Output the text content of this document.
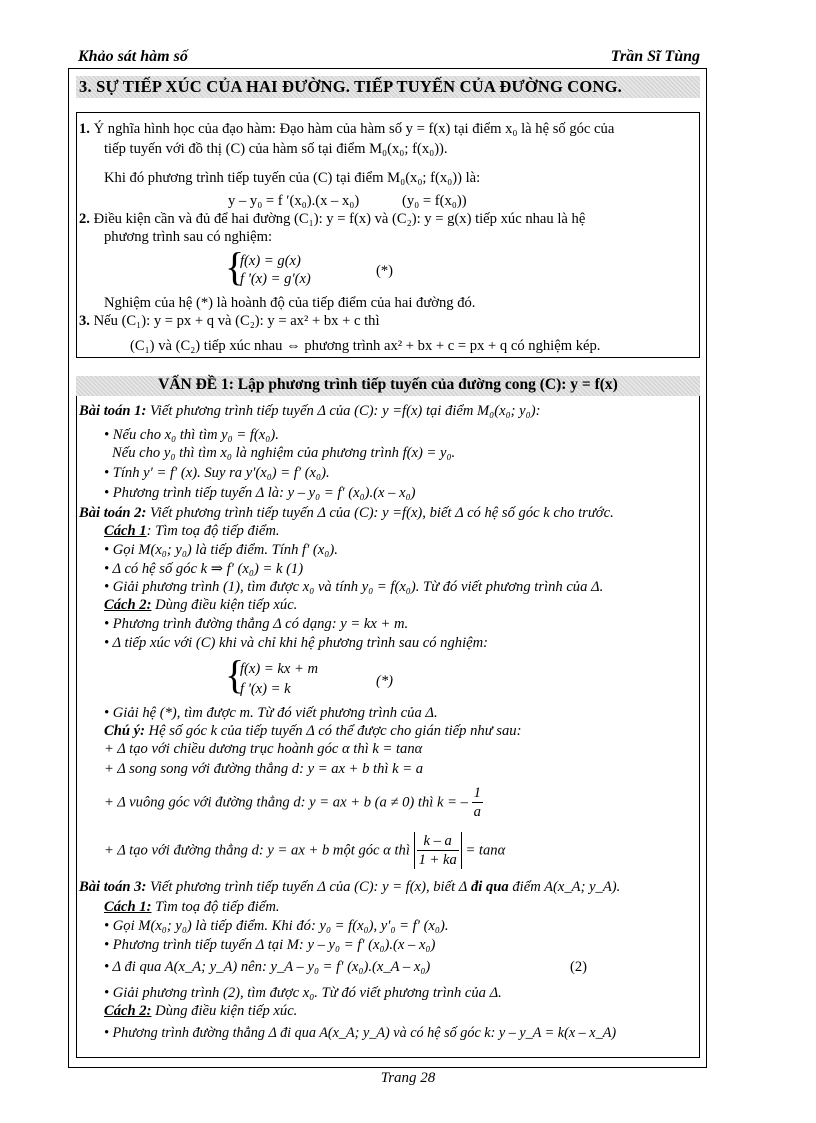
Khảo sát hàm số	Trần Sĩ Tùng
3. SỰ TIẾP XÚC CỦA HAI ĐƯỜNG. TIẾP TUYẾN CỦA ĐƯỜNG CONG.
1. Ý nghĩa hình học của đạo hàm: Đạo hàm của hàm số y = f(x) tại điểm x₀ là hệ số góc của
tiếp tuyến với đồ thị (C) của hàm số tại điểm M₀(x₀; f(x₀)).
Khi đó phương trình tiếp tuyến của (C) tại điểm M₀(x₀; f(x₀)) là:
y – y₀ = f ′(x₀).(x – x₀)	(y₀ = f(x₀))
2. Điều kiện cần và đủ để hai đường (C₁): y = f(x) và (C₂): y = g(x) tiếp xúc nhau là hệ
phương trình sau có nghiệm:
{
f(x) = g(x)
f '(x) = g'(x)	(*)
Nghiệm của hệ (*) là hoành độ của tiếp điểm của hai đường đó.
3. Nếu (C₁): y = px + q và (C₂): y = ax² + bx + c thì
(C₁) và (C₂) tiếp xúc nhau ⇔ phương trình ax² + bx + c = px + q có nghiệm kép.
VẤN ĐỀ 1: Lập phương trình tiếp tuyến của đường cong (C): y = f(x)
Bài toán 1: Viết phương trình tiếp tuyến Δ của (C): y =f(x) tại điểm M₀(x₀; y₀):
• Nếu cho x₀ thì tìm y₀ = f(x₀).
Nếu cho y₀ thì tìm x₀ là nghiệm của phương trình f(x) = y₀.
• Tính y′ = f′ (x). Suy ra y′(x₀) = f′ (x₀).
• Phương trình tiếp tuyến Δ là: y – y₀ = f′ (x₀).(x – x₀)
Bài toán 2: Viết phương trình tiếp tuyến Δ của (C): y =f(x), biết Δ có hệ số góc k cho trước.
Cách 1: Tìm toạ độ tiếp điểm.
• Gọi M(x₀; y₀) là tiếp điểm. Tính f′ (x₀).
• Δ có hệ số góc k ⇒ f′ (x₀) = k (1)
• Giải phương trình (1), tìm được x₀ và tính y₀ = f(x₀). Từ đó viết phương trình của Δ.
Cách 2: Dùng điều kiện tiếp xúc.
• Phương trình đường thẳng Δ có dạng: y = kx + m.
• Δ tiếp xúc với (C) khi và chỉ khi hệ phương trình sau có nghiệm:
{
f(x) = kx + m
f '(x) = k	(*)
• Giải hệ (*), tìm được m. Từ đó viết phương trình của Δ.
Chú ý: Hệ số góc k của tiếp tuyến Δ có thể được cho gián tiếp như sau:
+ Δ tạo với chiều dương trục hoành góc α thì k = tanα
+ Δ song song với đường thẳng d: y = ax + b thì k = a
+ Δ vuông góc với đường thẳng d: y = ax + b (a ≠ 0) thì k = – $\frac{1}{a}$
+ Δ tạo với đường thẳng d: y = ax + b một góc α thì $\frac{k - a}{1 + ka} = \tan\alpha$
Bài toán 3: Viết phương trình tiếp tuyến Δ của (C): y = f(x), biết Δ đi qua điểm A(x_A; y_A).
Cách 1: Tìm toạ độ tiếp điểm.
• Gọi M(x₀; y₀) là tiếp điểm. Khi đó: y₀ = f(x₀), y′₀ = f′ (x₀).
• Phương trình tiếp tuyến Δ tại M: y – y₀ = f′ (x₀).(x – x₀)
• Δ đi qua A(x_A; y_A) nên: y_A – y₀ = f′ (x₀).(x_A – x₀)	(2)
• Giải phương trình (2), tìm được x₀. Từ đó viết phương trình của Δ.
Cách 2: Dùng điều kiện tiếp xúc.
• Phương trình đường thẳng Δ đi qua A(x_A; y_A) và có hệ số góc k: y – y_A = k(x – x_A)
Trang 28
